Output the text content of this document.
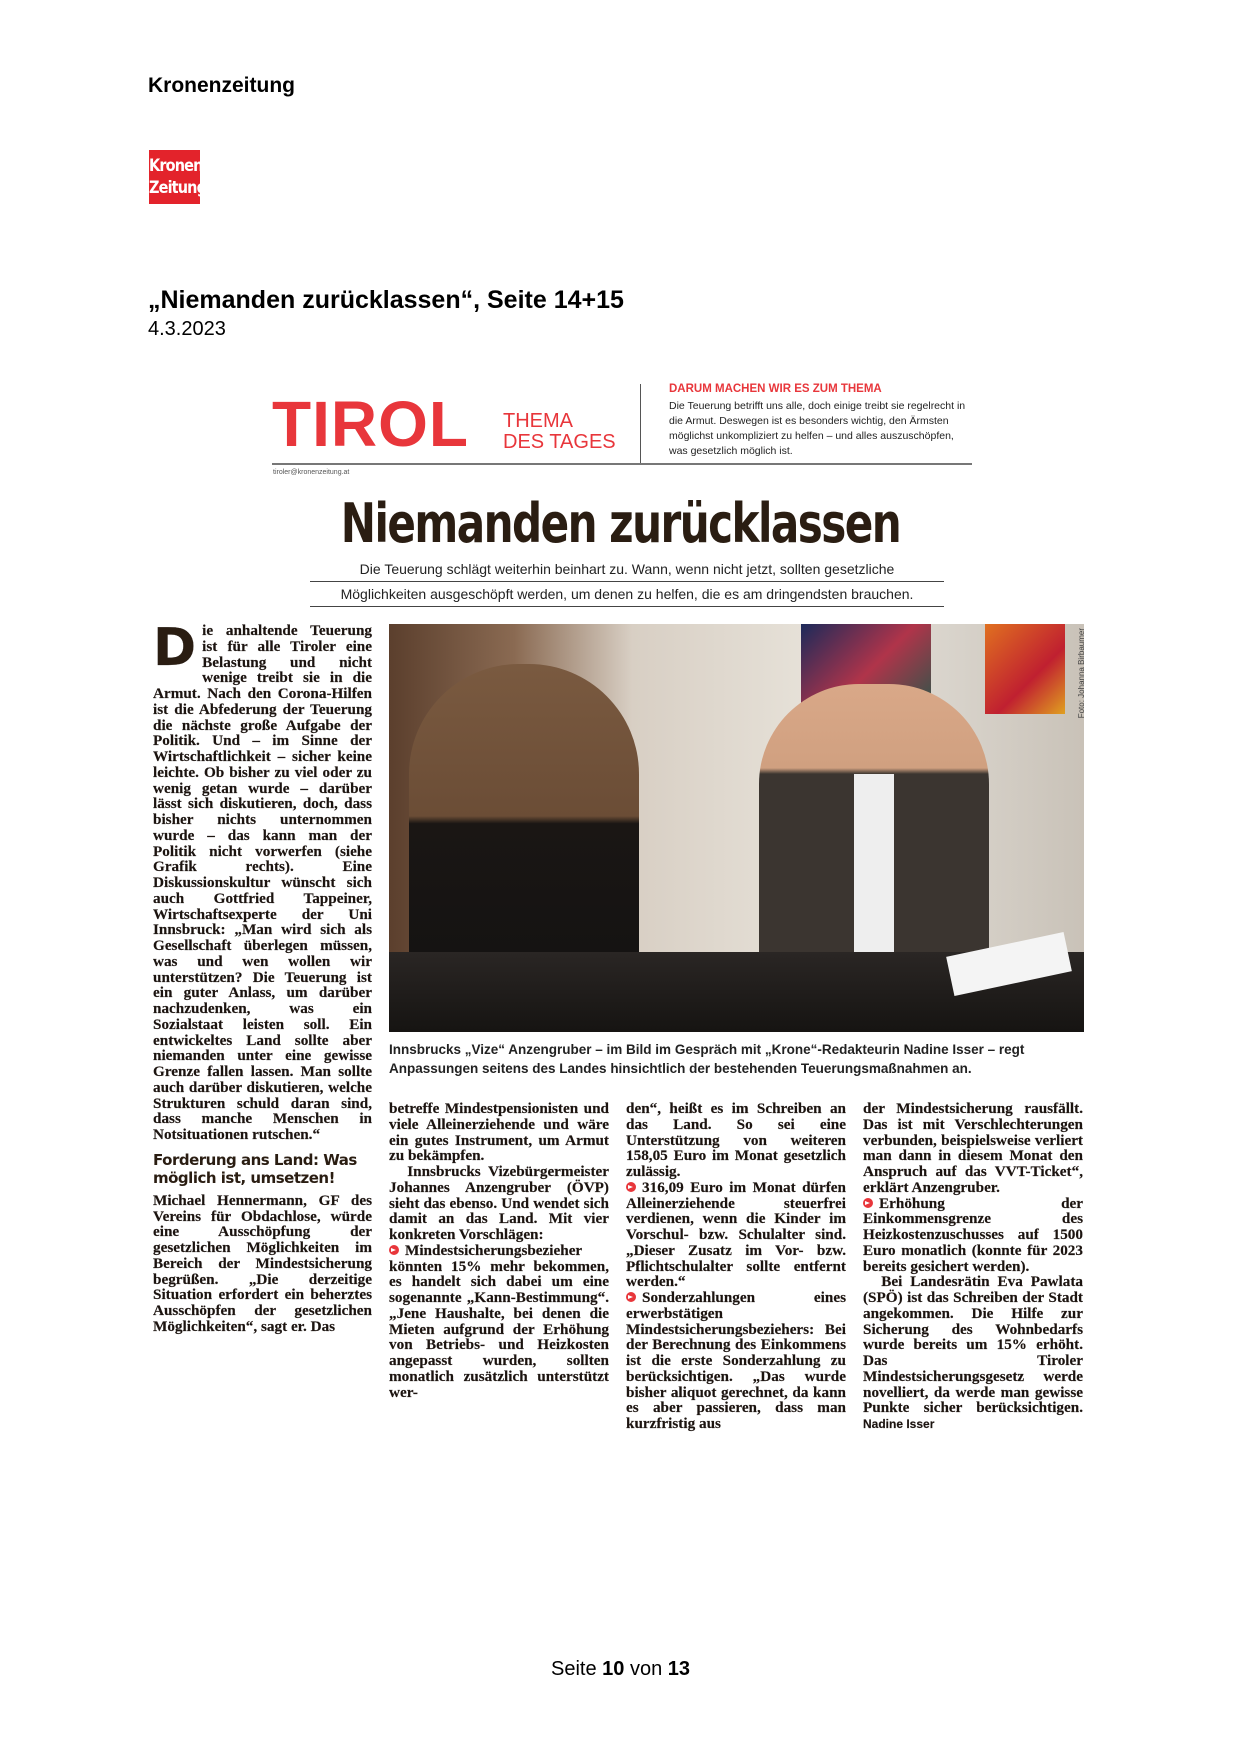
Kronenzeitung
Kronen
Zeitung
„Niemanden zurücklassen“, Seite 14+15
4.3.2023
TIROL THEMA
DES TAGES
DARUM MACHEN WIR ES ZUM THEMA
Die Teuerung betrifft uns alle, doch einige treibt sie regelrecht in die Armut. Deswegen ist es besonders wichtig, den Ärmsten möglichst unkompliziert zu helfen – und alles auszuschöpfen, was gesetzlich möglich ist.
tiroler@kronenzeitung.at
Niemanden zurücklassen
Die Teuerung schlägt weiterhin beinhart zu. Wann, wenn nicht jetzt, sollten gesetzliche
Möglichkeiten ausgeschöpft werden, um denen zu helfen, die es am dringendsten brauchen.
D ie anhaltende Teuerung ist für alle Tiroler eine Belastung und nicht wenige treibt sie in die Armut. Nach den Corona-Hilfen ist die Abfederung der Teuerung die nächste große Aufgabe der Politik. Und – im Sinne der Wirtschaftlichkeit – sicher keine leichte. Ob bisher zu viel oder zu wenig getan wurde – darüber lässt sich diskutieren, doch, dass bisher nichts unternommen wurde – das kann man der Politik nicht vorwerfen (siehe Grafik rechts). Eine Diskussionskultur wünscht sich auch Gottfried Tappeiner, Wirtschaftsexperte der Uni Innsbruck: „Man wird sich als Gesellschaft überlegen müssen, was und wen wollen wir unterstützen? Die Teuerung ist ein guter Anlass, um darüber nachzudenken, was ein Sozialstaat leisten soll. Ein entwickeltes Land sollte aber niemanden unter eine gewisse Grenze fallen lassen. Man sollte auch darüber diskutieren, welche Strukturen schuld daran sind, dass manche Menschen in Notsituationen rutschen.“

Forderung ans Land: Was möglich ist, umsetzen!

Michael Hennermann, GF des Vereins für Obdachlose, würde eine Ausschöpfung der gesetzlichen Möglichkeiten im Bereich der Mindestsicherung begrüßen. „Die derzeitige Situation erfordert ein beherztes Ausschöpfen der gesetzlichen Möglichkeiten“, sagt er. Das

Foto: Johanna Birbaumer
Innsbrucks „Vize“ Anzengruber – im Bild im Gespräch mit „Krone“-Redakteurin Nadine Isser – regt Anpassungen seitens des Landes hinsichtlich der bestehenden Teuerungsmaßnahmen an.

betreffe Mindestpensionisten und viele Alleinerziehende und wäre ein gutes Instrument, um Armut zu bekämpfen.

Innsbrucks Vizebürgermeister Johannes Anzengruber (ÖVP) sieht das ebenso. Und wendet sich damit an das Land. Mit vier konkreten Vorschlägen:

Mindestsicherungsbezieher könnten 15% mehr bekommen, es handelt sich dabei um eine sogenannte „Kann-Bestimmung“. „Jene Haushalte, bei denen die Mieten aufgrund der Erhöhung von Betriebs- und Heizkosten angepasst wurden, sollten monatlich zusätzlich unterstützt wer-

den“, heißt es im Schreiben an das Land. So sei eine Unterstützung von weiteren 158,05 Euro im Monat gesetzlich zulässig.

316,09 Euro im Monat dürfen Alleinerziehende steuerfrei verdienen, wenn die Kinder im Vorschul- bzw. Schulalter sind. „Dieser Zusatz im Vor- bzw. Pflichtschulalter sollte entfernt werden.“

Sonderzahlungen eines erwerbstätigen Mindestsicherungsbeziehers: Bei der Berechnung des Einkommens ist die erste Sonderzahlung zu berücksichtigen. „Das wurde bisher aliquot gerechnet, da kann es aber passieren, dass man kurzfristig aus

der Mindestsicherung rausfällt. Das ist mit Verschlechterungen verbunden, beispielsweise verliert man dann in diesem Monat den Anspruch auf das VVT-Ticket“, erklärt Anzengruber.

Erhöhung der Einkommensgrenze des Heizkostenzuschusses auf 1500 Euro monatlich (konnte für 2023 bereits gesichert werden).

Bei Landesrätin Eva Pawlata (SPÖ) ist das Schreiben der Stadt angekommen. Die Hilfe zur Sicherung des Wohnbedarfs wurde bereits um 15% erhöht. Das Tiroler Mindestsicherungsgesetz werde novelliert, da werde man gewisse Punkte sicher berücksichtigen. Nadine Isser

Seite 10 von 13
